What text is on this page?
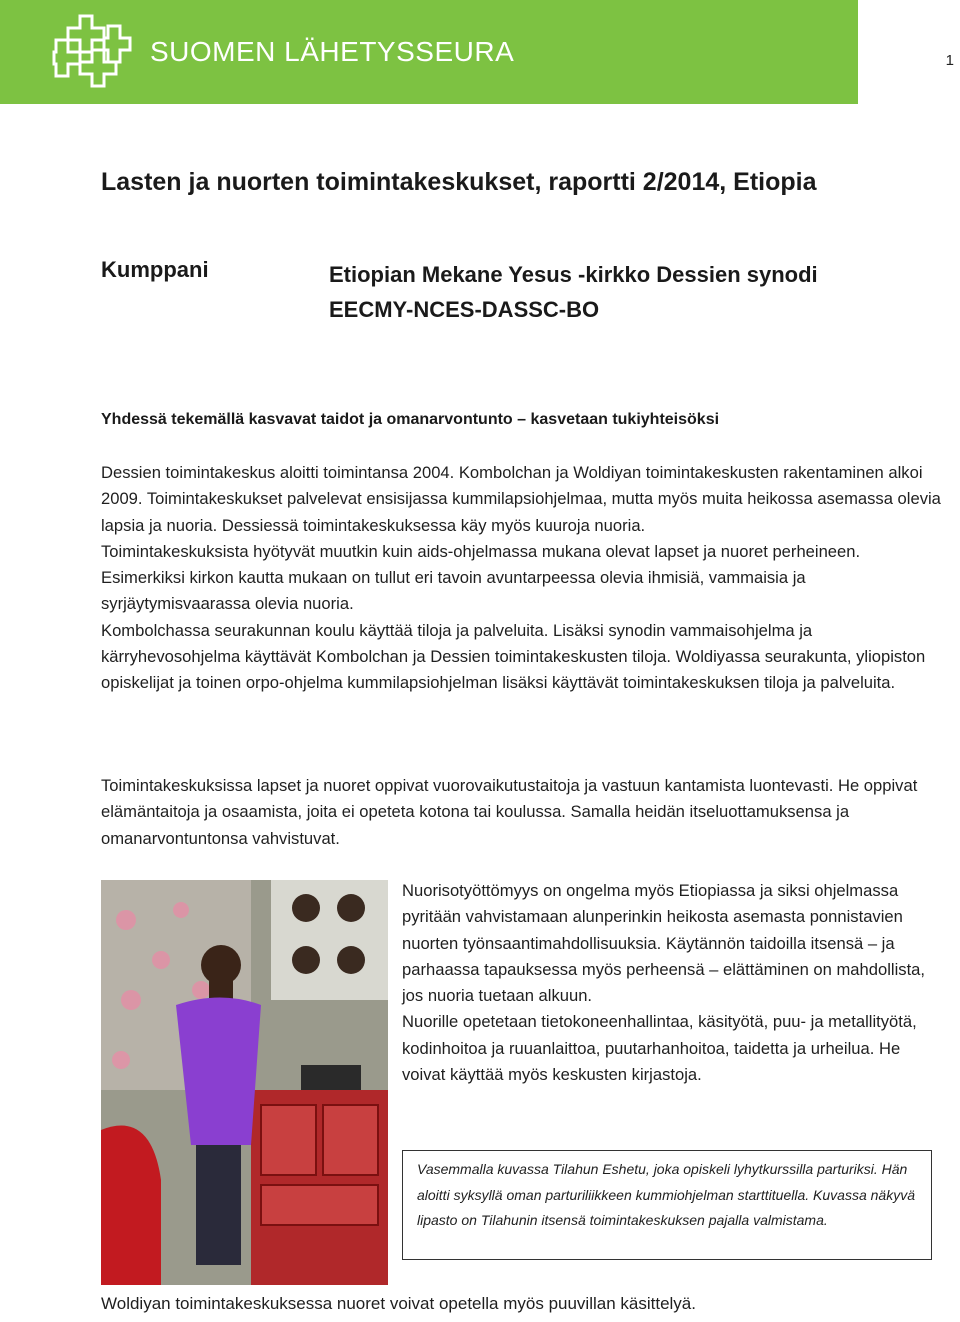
SUOMEN LÄHETYSSEURA	1
Lasten ja nuorten toimintakeskukset, raportti 2/2014, Etiopia
Kumppani	Etiopian Mekane Yesus -kirkko Dessien synodi
EECMY-NCES-DASSC-BO
Yhdessä tekemällä kasvavat taidot ja omanarvontunto – kasvetaan tukiyhteisöksi

Dessien toimintakeskus aloitti toimintansa 2004. Kombolchan ja Woldiyan toimintakeskusten rakentaminen alkoi 2009. Toimintakeskukset palvelevat ensisijassa kummilapsiohjelmaa, mutta myös muita heikossa asemassa olevia lapsia ja nuoria. Dessiessä toimintakeskuksessa käy myös kuuroja nuoria.

Toimintakeskuksista hyötyvät muutkin kuin aids-ohjelmassa mukana olevat lapset ja nuoret perheineen. Esimerkiksi kirkon kautta mukaan on tullut eri tavoin avuntarpeessa olevia ihmisiä, vammaisia ja syrjäytymisvaarassa olevia nuoria.

Kombolchassa seurakunnan koulu käyttää tiloja ja palveluita. Lisäksi synodin vammaisohjelma ja kärryhevosohjelma käyttävät Kombolchan ja Dessien toimintakeskusten tiloja. Woldiyassa seurakunta, yliopiston opiskelijat ja toinen orpo-ohjelma kummilapsiohjelman lisäksi käyttävät toimintakeskuksen tiloja ja palveluita.

Toimintakeskuksissa lapset ja nuoret oppivat vuorovaikutustaitoja ja vastuun kantamista luontevasti. He oppivat elämäntaitoja ja osaamista, joita ei opeteta kotona tai koulussa. Samalla heidän itseluottamuksensa ja omanarvontuntonsa vahvistuvat.

Nuorisotyöttömyys on ongelma myös Etiopiassa ja siksi ohjelmassa pyritään vahvistamaan alunperinkin heikosta asemasta ponnistavien nuorten työnsaantimahdollisuuksia. Käytännön taidoilla itsensä – ja parhaassa tapauksessa myös perheensä – elättäminen on mahdollista, jos nuoria tuetaan alkuun.

Nuorille opetetaan tietokoneenhallintaa, käsityötä, puu- ja metallityötä, kodinhoitoa ja ruuanlaittoa, puutarhanhoitoa, taidetta ja urheilua. He voivat käyttää myös keskusten kirjastoja.

Vasemmalla kuvassa Tilahun Eshetu, joka opiskeli lyhytkurssilla parturiksi. Hän aloitti syksyllä oman parturiliikkeen kummiohjelman starttituella. Kuvassa näkyvä lipasto on Tilahunin itsensä toimintakeskuksen pajalla valmistama.
Woldiyan toimintakeskuksessa nuoret voivat opetella myös puuvillan käsittelyä.
